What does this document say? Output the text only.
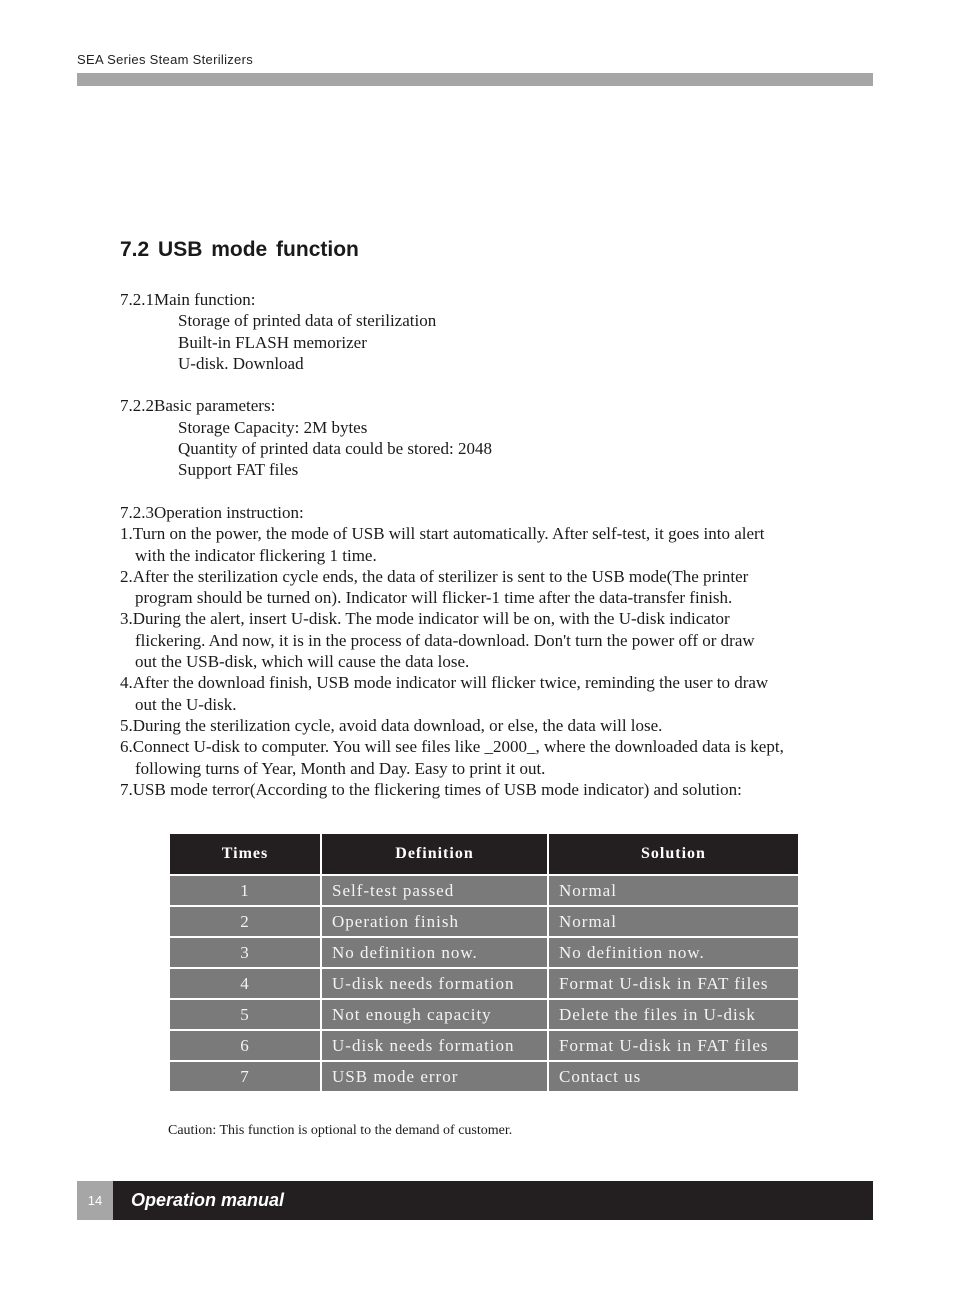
SEA Series Steam Sterilizers
7.2 USB mode function
7.2.1Main function:
Storage of printed data of sterilization
Built-in FLASH memorizer
U-disk. Download
7.2.2Basic parameters:
Storage Capacity: 2M bytes
Quantity of printed data could be stored: 2048
Support FAT files
7.2.3Operation instruction:
1.Turn on the power, the mode of USB will start automatically. After self-test, it goes into alert
with the indicator flickering 1 time.
2.After the sterilization cycle ends, the data of sterilizer is sent to the USB mode(The printer
program should be turned on). Indicator will flicker-1 time after the data-transfer finish.
3.During the alert, insert U-disk. The mode indicator will be on, with the U-disk indicator
flickering. And now, it is in the process of data-download. Don't turn the power off or draw
out the USB-disk, which will cause the data lose.
4.After the download finish, USB mode indicator will flicker twice, reminding the user to draw
out the U-disk.
5.During the sterilization cycle, avoid data download, or else, the data will lose.
6.Connect U-disk to computer. You will see files like _2000_, where the downloaded data is kept,
following turns of Year, Month and Day. Easy to print it out.
7.USB mode terror(According to the flickering times of USB mode indicator) and solution:
Times	Definition	Solution
1	Self-test passed	Normal
2	Operation finish	Normal
3	No definition now.	No definition now.
4	U-disk needs formation	Format U-disk in FAT files
5	Not enough capacity	Delete the files in U-disk
6	U-disk needs formation	Format U-disk in FAT files
7	USB mode error	Contact us
Caution: This function is optional to the demand of customer.
14	Operation manual
